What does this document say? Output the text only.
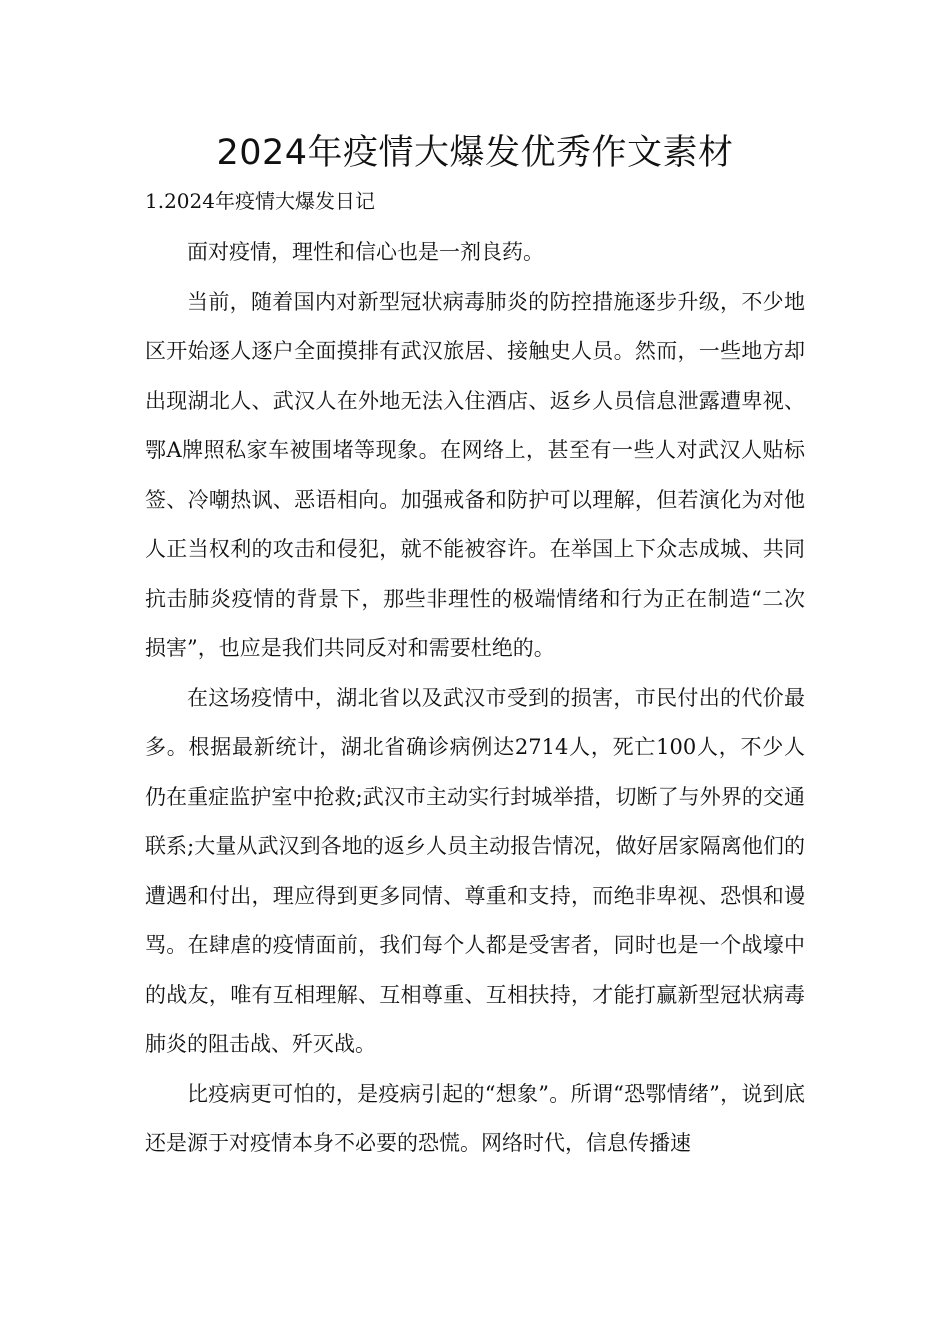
2024年疫情大爆发优秀作文素材

1.2024年疫情大爆发日记

面对疫情，理性和信心也是一剂良药。

当前，随着国内对新型冠状病毒肺炎的防控措施逐步升级，不少地区开始逐人逐户全面摸排有武汉旅居、接触史人员。然而，一些地方却出现湖北人、武汉人在外地无法入住酒店、返乡人员信息泄露遭卑视、鄂A牌照私家车被围堵等现象。在网络上，甚至有一些人对武汉人贴标签、冷嘲热讽、恶语相向。加强戒备和防护可以理解，但若演化为对他人正当权利的攻击和侵犯，就不能被容许。在举国上下众志成城、共同抗击肺炎疫情的背景下，那些非理性的极端情绪和行为正在制造“二次损害”，也应是我们共同反对和需要杜绝的。

在这场疫情中，湖北省以及武汉市受到的损害，市民付出的代价最多。根据最新统计，湖北省确诊病例达2714人，死亡100人，不少人仍在重症监护室中抢救;武汉市主动实行封城举措，切断了与外界的交通联系;大量从武汉到各地的返乡人员主动报告情况，做好居家隔离他们的遭遇和付出，理应得到更多同情、尊重和支持，而绝非卑视、恐惧和谩骂。在肆虐的疫情面前，我们每个人都是受害者，同时也是一个战壕中的战友，唯有互相理解、互相尊重、互相扶持，才能打赢新型冠状病毒肺炎的阻击战、歼灭战。

比疫病更可怕的，是疫病引起的“想象”。所谓“恐鄂情绪”，说到底还是源于对疫情本身不必要的恐慌。网络时代，信息传播速
